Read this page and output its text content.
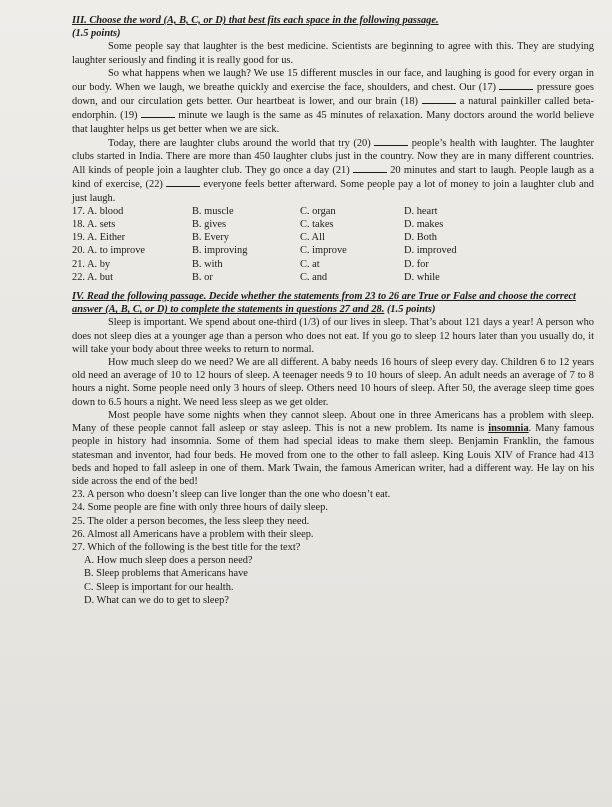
III. Choose the word (A, B, C, or D) that best fits each space in the following passage.

(1.5 points)

Some people say that laughter is the best medicine. Scientists are beginning to agree with this. They are studying laughter seriously and finding it is really good for us.

So what happens when we laugh? We use 15 different muscles in our face, and laughing is good for every organ in our body. When we laugh, we breathe quickly and exercise the face, shoulders, and chest. Our (17)	pressure goes down, and our circulation gets better. Our heartbeat is lower, and our brain (18)	a natural painkiller called beta-endorphin. (19)	minute we laugh is the same as 45 minutes of relaxation. Many doctors around the world believe that laughter helps us get better when we are sick.

Today, there are laughter clubs around the world that try (20)	people’s health with laughter. The laughter clubs started in India. There are more than 450 laughter clubs just in the country. Now they are in many different countries. All kinds of people join a laughter club. They go once a day (21)	20 minutes and start to laugh. People laugh as a kind of exercise, (22)	everyone feels better afterward. Some people pay a lot of money to join a laughter club and just laugh.

17. A. blood	B. muscle	C. organ	D. heart
18. A. sets	B. gives	C. takes	D. makes
19. A. Either	B. Every	C. All	D. Both
20. A. to improve	B. improving	C. improve	D. improved
21. A. by	B. with	C. at	D. for
22. A. but	B. or	C. and	D. while

IV. Read the following passage. Decide whether the statements from 23 to 26 are True or False and choose the correct answer (A, B, C, or D) to complete the statements in questions 27 and 28. (1.5 points)

Sleep is important. We spend about one-third (1/3) of our lives in sleep. That’s about 121 days a year! A person who does not sleep dies at a younger age than a person who does not eat. If you go to sleep 12 hours later than you usually do, it will take your body about three weeks to return to normal.

How much sleep do we need? We are all different. A baby needs 16 hours of sleep every day. Children 6 to 12 years old need an average of 10 to 12 hours of sleep. A teenager needs 9 to 10 hours of sleep. An adult needs an average of 7 to 8 hours a night. Some people need only 3 hours of sleep. Others need 10 hours of sleep. After 50, the average sleep time goes down to 6.5 hours a night. We need less sleep as we get older.

Most people have some nights when they cannot sleep. About one in three Americans has a problem with sleep. Many of these people cannot fall asleep or stay asleep. This is not a new problem. Its name is insomnia. Many famous people in history had insomnia. Some of them had special ideas to make them sleep. Benjamin Franklin, the famous statesman and inventor, had four beds. He moved from one to the other to fall asleep. King Louis XIV of France had 413 beds and hoped to fall asleep in one of them. Mark Twain, the famous American writer, had a different way. He lay on his side across the end of the bed!

23. A person who doesn’t sleep can live longer than the one who doesn’t eat.

24. Some people are fine with only three hours of daily sleep.

25. The older a person becomes, the less sleep they need.

26. Almost all Americans have a problem with their sleep.

27. Which of the following is the best title for the text?

A. How much sleep does a person need?

B. Sleep problems that Americans have

C. Sleep is important for our health.

D. What can we do to get to sleep?
